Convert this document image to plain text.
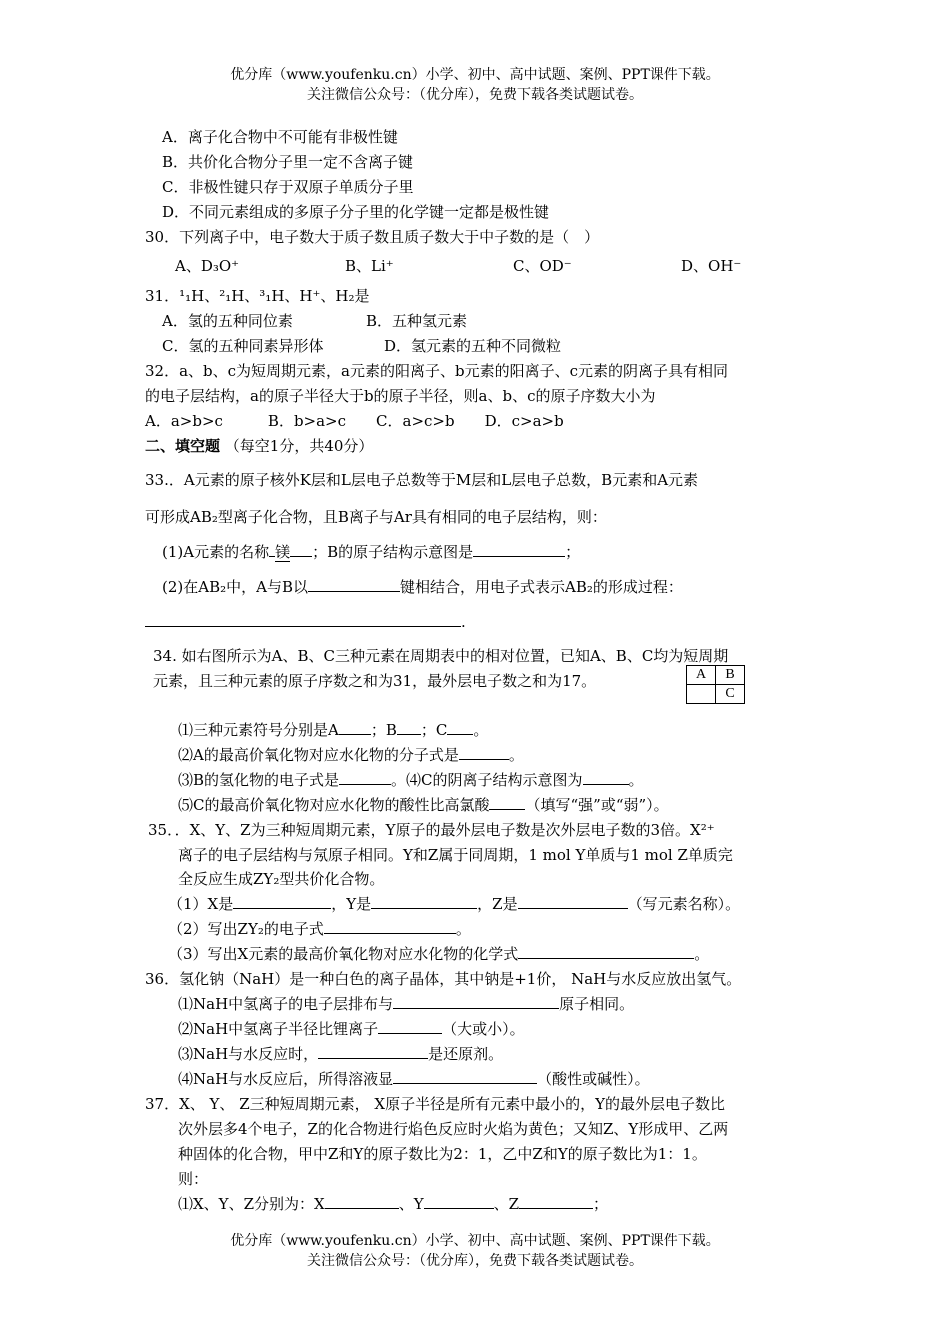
优分库（www.youfenku.cn）小学、初中、高中试题、案例、PPT课件下载。
关注微信公众号：（优分库），免费下载各类试题试卷。
A．离子化合物中不可能有非极性键
B．共价化合物分子里一定不含离子键
C．非极性键只存于双原子单质分子里
D．不同元素组成的多原子分子里的化学键一定都是极性键
30．下列离子中，电子数大于质子数且质子数大于中子数的是（　）
A、D₃O⁺	B、Li⁺	C、OD⁻	D、OH⁻
31．¹₁H、²₁H、³₁H、H⁺、H₂是
A．氢的五种同位素	B．五种氢元素
C．氢的五种同素异形体	D．氢元素的五种不同微粒
32．a、b、c为短周期元素，a元素的阳离子、b元素的阳离子、c元素的阴离子具有相同
的电子层结构，a的原子半径大于b的原子半径，则a、b、c的原子序数大小为
A．a>b>c　　　B．b>a>c　　C．a>c>b　　D．c>a>b
二、填空题 （每空1分，共40分）
33.．A元素的原子核外K层和L层电子总数等于M层和L层电子总数，B元素和A元素
可形成AB₂型离子化合物，且B离子与Ar具有相同的电子层结构，则：
(1)A元素的名称 镁 ；B的原子结构示意图是	；
(2)在AB₂中，A与B以	键相结合，用电子式表示AB₂的形成过程：
.
34. 如右图所示为A、B、C三种元素在周期表中的相对位置，已知A、B、C均为短周期
元素，且三种元素的原子序数之和为31，最外层电子数之和为17。	A	B
	C
⑴三种元素符号分别是A ；B ；C 。
⑵A的最高价氧化物对应水化物的分子式是	。
⑶B的氢化物的电子式是	。⑷C的阴离子结构示意图为	。
⑸C的最高价氧化物对应水化物的酸性比高氯酸 （填写“强”或“弱”）。
35．．X、Y、Z为三种短周期元素，Y原子的最外层电子数是次外层电子数的3倍。X²⁺
离子的电子层结构与氖原子相同。Y和Z属于同周期，1 mol Y单质与1 mol Z单质完
全反应生成ZY₂型共价化合物。
（1）X是	，Y是	，Z是	（写元素名称）。
（2）写出ZY₂的电子式	。
（3）写出X元素的最高价氧化物对应水化物的化学式	。
36．氢化钠（NaH）是一种白色的离子晶体，其中钠是+1价， NaH与水反应放出氢气。
⑴NaH中氢离子的电子层排布与	原子相同。
⑵NaH中氢离子半径比锂离子	（大或小）。
⑶NaH与水反应时，	是还原剂。
⑷NaH与水反应后，所得溶液显	（酸性或碱性）。
37．X、 Y、 Z三种短周期元素， X原子半径是所有元素中最小的，Y的最外层电子数比
次外层多4个电子，Z的化合物进行焰色反应时火焰为黄色；又知Z、Y形成甲、乙两
种固体的化合物，甲中Z和Y的原子数比为2：1，乙中Z和Y的原子数比为1：1。
则：
⑴X、Y、Z分别为：X	、Y	、Z	；
优分库（www.youfenku.cn）小学、初中、高中试题、案例、PPT课件下载。
关注微信公众号：（优分库），免费下载各类试题试卷。
